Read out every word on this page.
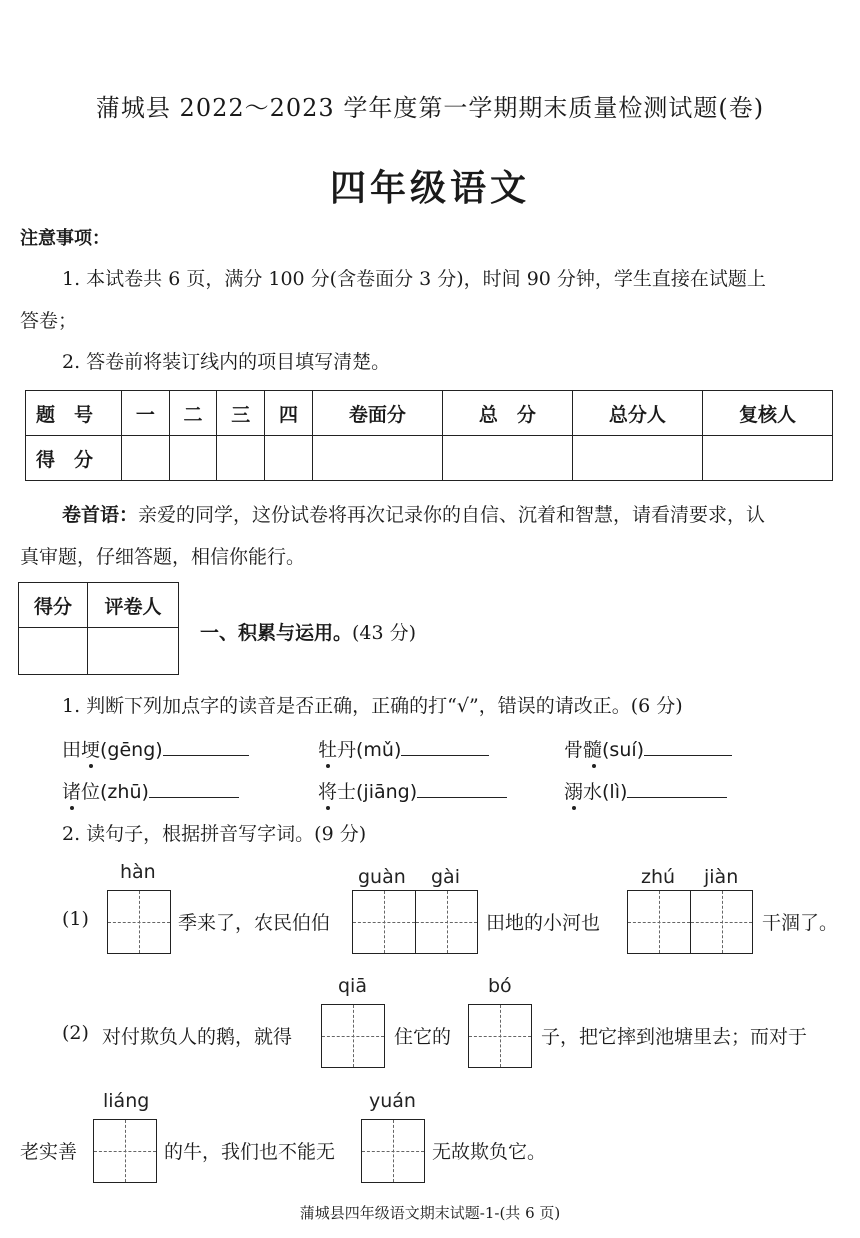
蒲城县 2022～2023 学年度第一学期期末质量检测试题(卷)
四年级语文
注意事项：
1. 本试卷共 6 页，满分 100 分(含卷面分 3 分)，时间 90 分钟，学生直接在试题上
答卷；
2. 答卷前将装订线内的项目填写清楚。
题　号	一	二	三	四	卷面分	总　分	总分人	复核人
得　分								
卷首语：亲爱的同学，这份试卷将再次记录你的自信、沉着和智慧，请看清要求，认
真审题，仔细答题，相信你能行。
得分	评卷人

一、积累与运用。(43 分)
1. 判断下列加点字的读音是否正确，正确的打“√”，错误的请改正。(6 分)
田埂(gēng)	牡丹(mǔ)	骨髓(suí)
诸位(zhū)	将士(jiāng)	溺水(lì)
2. 读句子，根据拼音写字词。(9 分)
hàn	guàn gài	zhú jiàn
(1)	季来了，农民伯伯	田地的小河也	干涸了。
qiā	bó
(2) 对付欺负人的鹅，就得	住它的	子，把它摔到池塘里去；而对于
liáng	yuán
老实善	的牛，我们也不能无	无故欺负它。
蒲城县四年级语文期末试题-1-(共 6 页)
